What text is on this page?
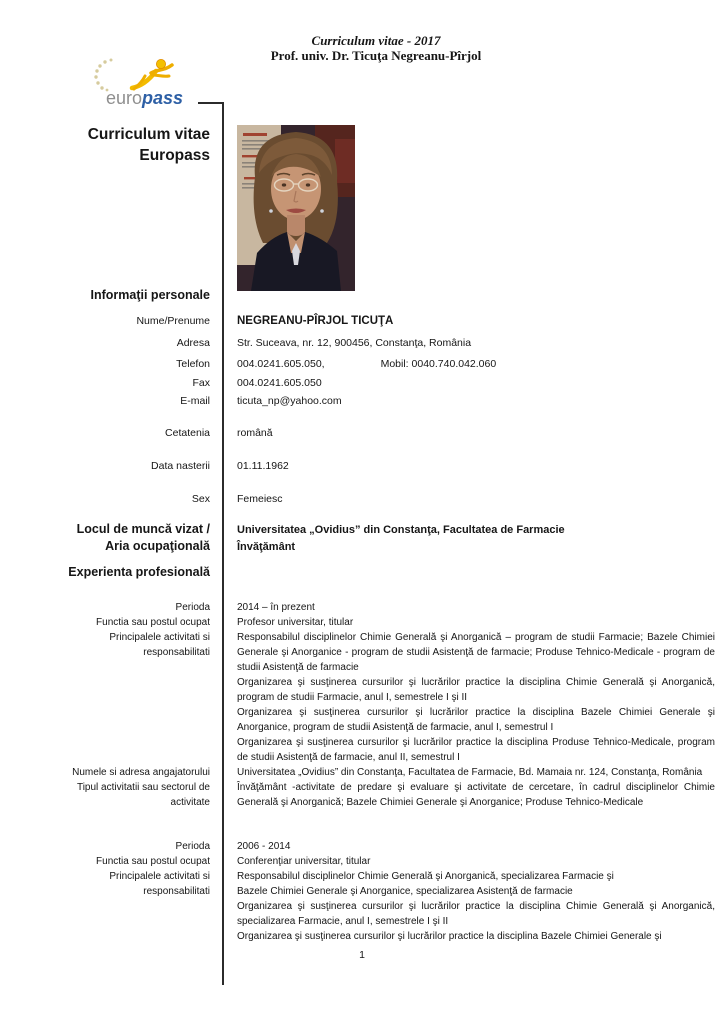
Curriculum vitae - 2017
Prof. univ. Dr. Ticuţa Negreanu-Pîrjol
europass
Curriculum vitae
Europass
Informaţii personale
Nume/Prenume	NEGREANU-PÎRJOL TICUŢA
Adresa	Str. Suceava, nr. 12, 900456, Constanţa, România
Telefon	004.0241.605.050,	Mobil: 0040.740.042.060
Fax	004.0241.605.050
E-mail	ticuta_np@yahoo.com
Cetatenia	română
Data nasterii	01.11.1962
Sex	Femeiesc
Locul de muncă vizat /
Aria ocupaţională
Universitatea „Ovidius” din Constanţa, Facultatea de Farmacie
Învăţământ
Experienta profesională
Perioda	2014 – în prezent
Functia sau postul ocupat	Profesor universitar, titular
Principalele activitati si responsabilitati
Responsabilul disciplinelor Chimie Generală şi Anorganică – program de studii Farmacie; Bazele Chimiei Generale şi Anorganice - program de studii Asistenţă de farmacie; Produse Tehnico-Medicale - program de studii Asistenţă de farmacie
Organizarea şi susţinerea cursurilor şi lucrărilor practice la disciplina Chimie Generală şi Anorganică, program de studii Farmacie, anul I, semestrele I şi II
Organizarea şi susţinerea cursurilor şi lucrărilor practice la disciplina Bazele Chimiei Generale şi Anorganice, program de studii Asistenţă de farmacie, anul I, semestrul I
Organizarea şi susţinerea cursurilor şi lucrărilor practice la disciplina Produse Tehnico-Medicale, program de studii Asistenţă de farmacie, anul II, semestrul I
Numele si adresa angajatorului	Universitatea „Ovidius” din Constanţa, Facultatea de Farmacie, Bd. Mamaia nr. 124, Constanţa, România
Tipul activitatii sau sectorul de activitate
Învăţământ -activitate de predare şi evaluare şi activitate de cercetare, în cadrul disciplinelor Chimie Generală şi Anorganică; Bazele Chimiei Generale şi Anorganice; Produse Tehnico-Medicale
Perioda	2006 - 2014
Functia sau postul ocupat	Conferenţiar universitar, titular
Principalele activitati si responsabilitati
Responsabilul disciplinelor Chimie Generală şi Anorganică, specializarea Farmacie şi
Bazele Chimiei Generale şi Anorganice, specializarea Asistenţă de farmacie
Organizarea şi susţinerea cursurilor şi lucrărilor practice la disciplina Chimie Generală şi Anorganică, specializarea Farmacie, anul I, semestrele I şi II
Organizarea şi susţinerea cursurilor şi lucrărilor practice la disciplina Bazele Chimiei Generale şi
1
